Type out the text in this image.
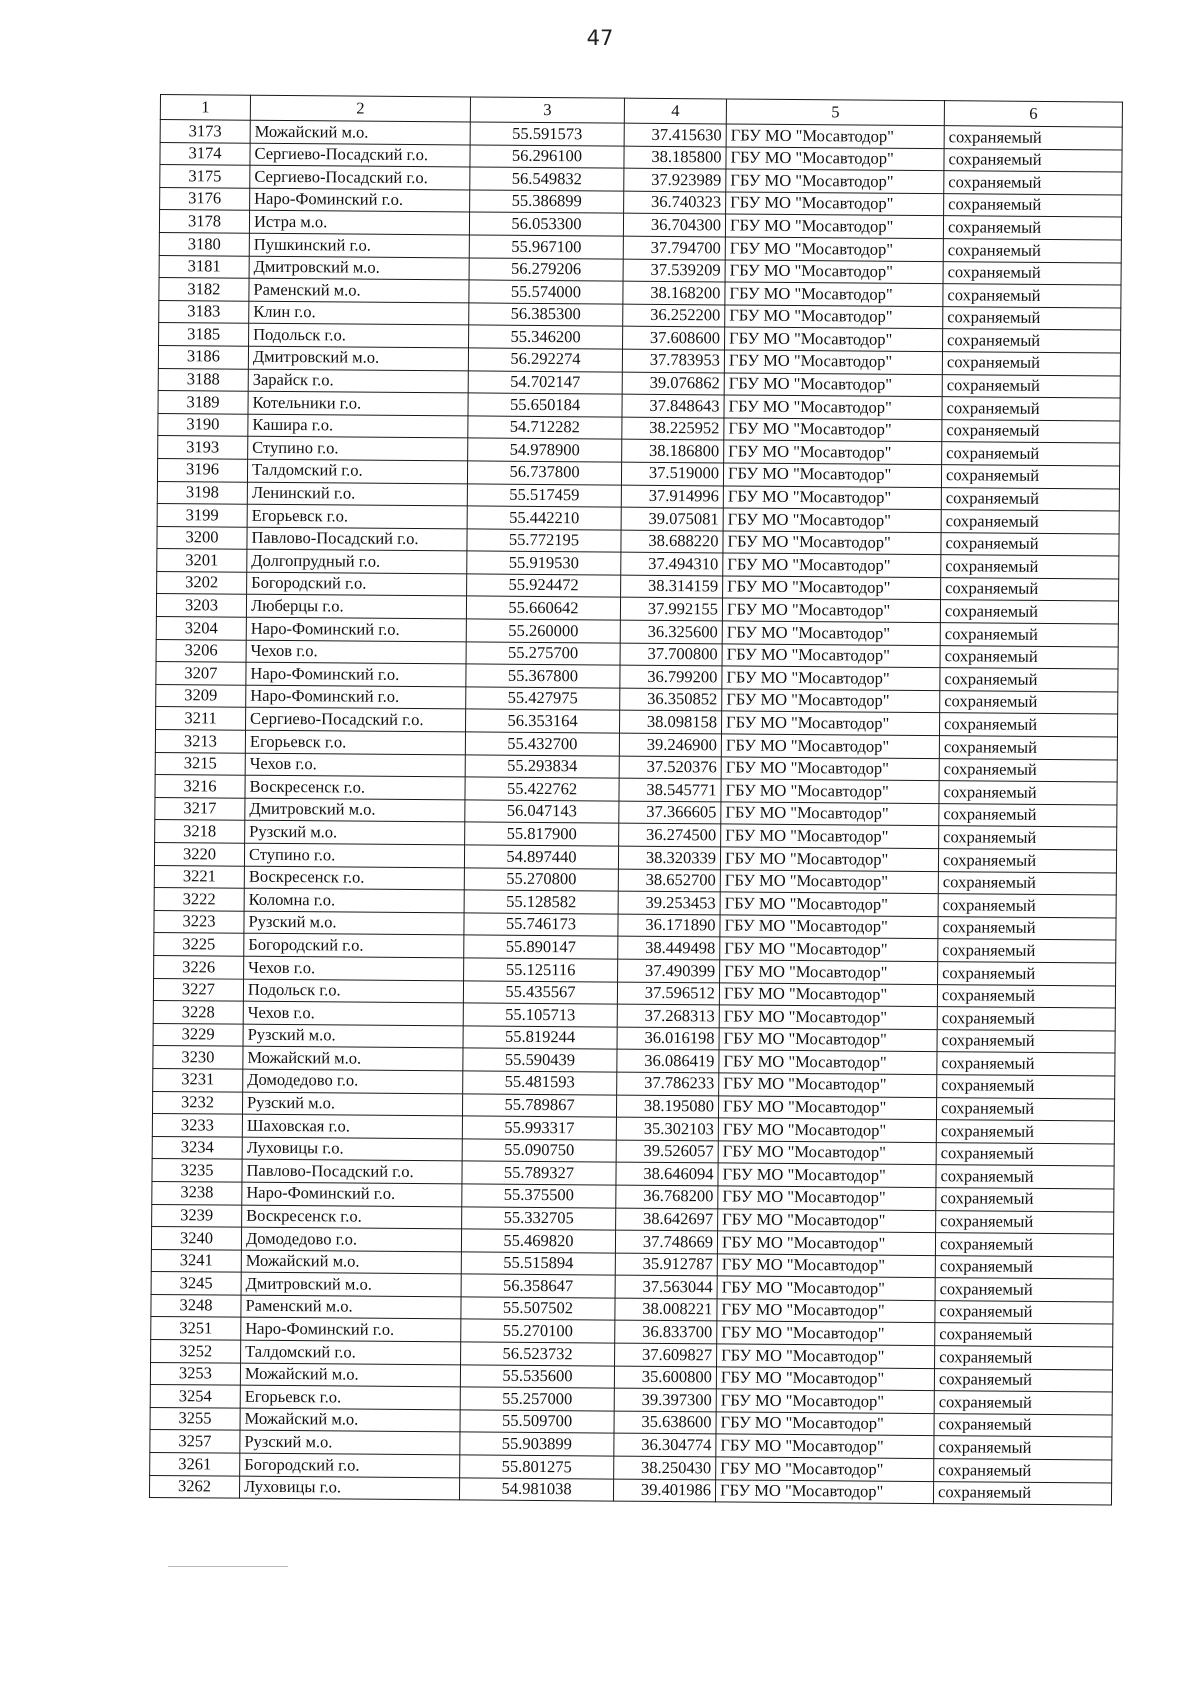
47
1	2	3	4	5	6
3173	Можайский м.о.	55.591573	37.415630	ГБУ МО "Мосавтодор"	сохраняемый
3174	Сергиево-Посадский г.о.	56.296100	38.185800	ГБУ МО "Мосавтодор"	сохраняемый
3175	Сергиево-Посадский г.о.	56.549832	37.923989	ГБУ МО "Мосавтодор"	сохраняемый
3176	Наро-Фоминский г.о.	55.386899	36.740323	ГБУ МО "Мосавтодор"	сохраняемый
3178	Истра м.о.	56.053300	36.704300	ГБУ МО "Мосавтодор"	сохраняемый
3180	Пушкинский г.о.	55.967100	37.794700	ГБУ МО "Мосавтодор"	сохраняемый
3181	Дмитровский м.о.	56.279206	37.539209	ГБУ МО "Мосавтодор"	сохраняемый
3182	Раменский м.о.	55.574000	38.168200	ГБУ МО "Мосавтодор"	сохраняемый
3183	Клин г.о.	56.385300	36.252200	ГБУ МО "Мосавтодор"	сохраняемый
3185	Подольск г.о.	55.346200	37.608600	ГБУ МО "Мосавтодор"	сохраняемый
3186	Дмитровский м.о.	56.292274	37.783953	ГБУ МО "Мосавтодор"	сохраняемый
3188	Зарайск г.о.	54.702147	39.076862	ГБУ МО "Мосавтодор"	сохраняемый
3189	Котельники г.о.	55.650184	37.848643	ГБУ МО "Мосавтодор"	сохраняемый
3190	Кашира г.о.	54.712282	38.225952	ГБУ МО "Мосавтодор"	сохраняемый
3193	Ступино г.о.	54.978900	38.186800	ГБУ МО "Мосавтодор"	сохраняемый
3196	Талдомский г.о.	56.737800	37.519000	ГБУ МО "Мосавтодор"	сохраняемый
3198	Ленинский г.о.	55.517459	37.914996	ГБУ МО "Мосавтодор"	сохраняемый
3199	Егорьевск г.о.	55.442210	39.075081	ГБУ МО "Мосавтодор"	сохраняемый
3200	Павлово-Посадский г.о.	55.772195	38.688220	ГБУ МО "Мосавтодор"	сохраняемый
3201	Долгопрудный г.о.	55.919530	37.494310	ГБУ МО "Мосавтодор"	сохраняемый
3202	Богородский г.о.	55.924472	38.314159	ГБУ МО "Мосавтодор"	сохраняемый
3203	Люберцы г.о.	55.660642	37.992155	ГБУ МО "Мосавтодор"	сохраняемый
3204	Наро-Фоминский г.о.	55.260000	36.325600	ГБУ МО "Мосавтодор"	сохраняемый
3206	Чехов г.о.	55.275700	37.700800	ГБУ МО "Мосавтодор"	сохраняемый
3207	Наро-Фоминский г.о.	55.367800	36.799200	ГБУ МО "Мосавтодор"	сохраняемый
3209	Наро-Фоминский г.о.	55.427975	36.350852	ГБУ МО "Мосавтодор"	сохраняемый
3211	Сергиево-Посадский г.о.	56.353164	38.098158	ГБУ МО "Мосавтодор"	сохраняемый
3213	Егорьевск г.о.	55.432700	39.246900	ГБУ МО "Мосавтодор"	сохраняемый
3215	Чехов г.о.	55.293834	37.520376	ГБУ МО "Мосавтодор"	сохраняемый
3216	Воскресенск г.о.	55.422762	38.545771	ГБУ МО "Мосавтодор"	сохраняемый
3217	Дмитровский м.о.	56.047143	37.366605	ГБУ МО "Мосавтодор"	сохраняемый
3218	Рузский м.о.	55.817900	36.274500	ГБУ МО "Мосавтодор"	сохраняемый
3220	Ступино г.о.	54.897440	38.320339	ГБУ МО "Мосавтодор"	сохраняемый
3221	Воскресенск г.о.	55.270800	38.652700	ГБУ МО "Мосавтодор"	сохраняемый
3222	Коломна г.о.	55.128582	39.253453	ГБУ МО "Мосавтодор"	сохраняемый
3223	Рузский м.о.	55.746173	36.171890	ГБУ МО "Мосавтодор"	сохраняемый
3225	Богородский г.о.	55.890147	38.449498	ГБУ МО "Мосавтодор"	сохраняемый
3226	Чехов г.о.	55.125116	37.490399	ГБУ МО "Мосавтодор"	сохраняемый
3227	Подольск г.о.	55.435567	37.596512	ГБУ МО "Мосавтодор"	сохраняемый
3228	Чехов г.о.	55.105713	37.268313	ГБУ МО "Мосавтодор"	сохраняемый
3229	Рузский м.о.	55.819244	36.016198	ГБУ МО "Мосавтодор"	сохраняемый
3230	Можайский м.о.	55.590439	36.086419	ГБУ МО "Мосавтодор"	сохраняемый
3231	Домодедово г.о.	55.481593	37.786233	ГБУ МО "Мосавтодор"	сохраняемый
3232	Рузский м.о.	55.789867	38.195080	ГБУ МО "Мосавтодор"	сохраняемый
3233	Шаховская г.о.	55.993317	35.302103	ГБУ МО "Мосавтодор"	сохраняемый
3234	Луховицы г.о.	55.090750	39.526057	ГБУ МО "Мосавтодор"	сохраняемый
3235	Павлово-Посадский г.о.	55.789327	38.646094	ГБУ МО "Мосавтодор"	сохраняемый
3238	Наро-Фоминский г.о.	55.375500	36.768200	ГБУ МО "Мосавтодор"	сохраняемый
3239	Воскресенск г.о.	55.332705	38.642697	ГБУ МО "Мосавтодор"	сохраняемый
3240	Домодедово г.о.	55.469820	37.748669	ГБУ МО "Мосавтодор"	сохраняемый
3241	Можайский м.о.	55.515894	35.912787	ГБУ МО "Мосавтодор"	сохраняемый
3245	Дмитровский м.о.	56.358647	37.563044	ГБУ МО "Мосавтодор"	сохраняемый
3248	Раменский м.о.	55.507502	38.008221	ГБУ МО "Мосавтодор"	сохраняемый
3251	Наро-Фоминский г.о.	55.270100	36.833700	ГБУ МО "Мосавтодор"	сохраняемый
3252	Талдомский г.о.	56.523732	37.609827	ГБУ МО "Мосавтодор"	сохраняемый
3253	Можайский м.о.	55.535600	35.600800	ГБУ МО "Мосавтодор"	сохраняемый
3254	Егорьевск г.о.	55.257000	39.397300	ГБУ МО "Мосавтодор"	сохраняемый
3255	Можайский м.о.	55.509700	35.638600	ГБУ МО "Мосавтодор"	сохраняемый
3257	Рузский м.о.	55.903899	36.304774	ГБУ МО "Мосавтодор"	сохраняемый
3261	Богородский г.о.	55.801275	38.250430	ГБУ МО "Мосавтодор"	сохраняемый
3262	Луховицы г.о.	54.981038	39.401986	ГБУ МО "Мосавтодор"	сохраняемый
